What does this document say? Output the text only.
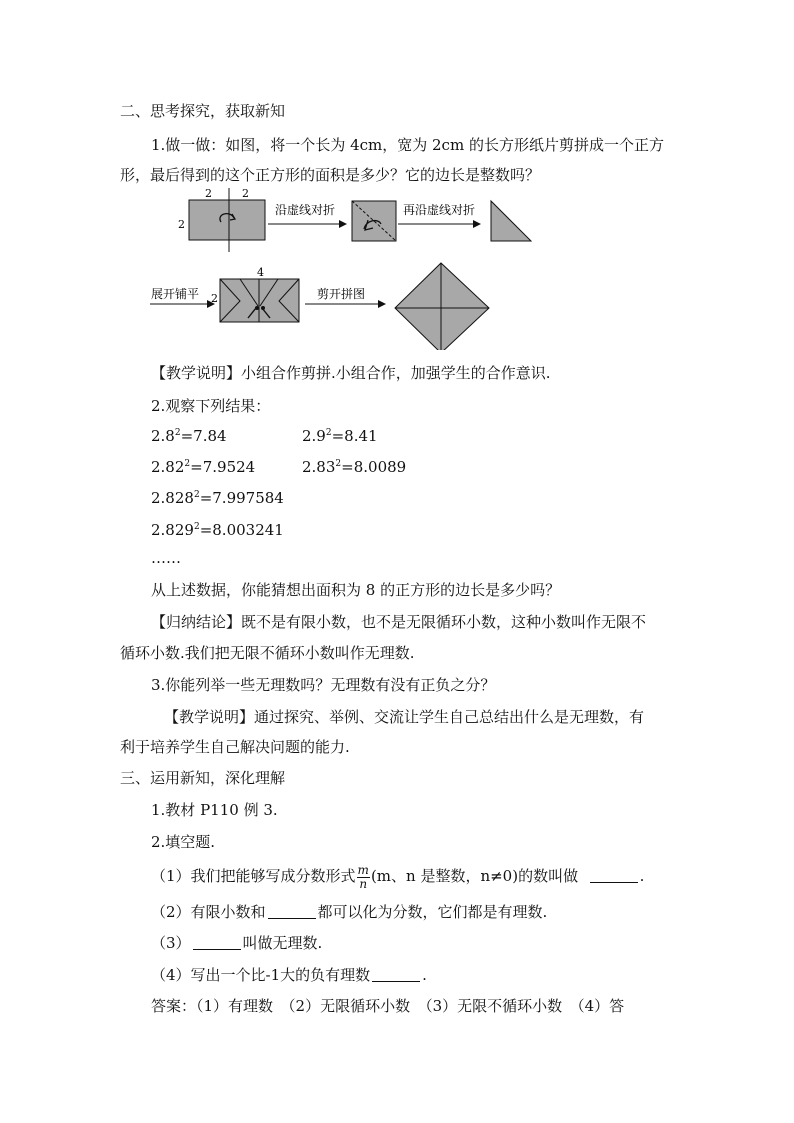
二、思考探究，获取新知
1.做一做：如图，将一个长为 4cm，宽为 2cm 的长方形纸片剪拼成一个正方
形，最后得到的这个正方形的面积是多少？它的边长是整数吗？
2	2
2
沿虚线对折	再沿虚线对折
展开铺平
4
2	剪开拼图
【教学说明】小组合作剪拼.小组合作，加强学生的合作意识.
2.观察下列结果：
$2.8^2=7.84$	$2.9^2=8.41$
$2.82^2=7.9524$	$2.83^2=8.0089$
$2.828^2=7.997584$
$2.829^2=8.003241$
……
从上述数据，你能猜想出面积为 8 的正方形的边长是多少吗？
【归纳结论】既不是有限小数，也不是无限循环小数，这种小数叫作无限不
循环小数.我们把无限不循环小数叫作无理数.
3.你能列举一些无理数吗？无理数有没有正负之分？
【教学说明】通过探究、举例、交流让学生自己总结出什么是无理数，有
利于培养学生自己解决问题的能力.
三、运用新知，深化理解
1.教材 P110 例 3.
2.填空题.
（1）我们把能够写成分数形式 $\frac{m}{n} (m$、n 是整数，n≠0)的数叫做	.
（2）有限小数和	都可以化为分数，它们都是有理数.
（3）	叫做无理数.
（4）写出一个比-1大的负有理数	.
答案：（1）有理数　（2）无限循环小数　（3）无限不循环小数　（4）答
